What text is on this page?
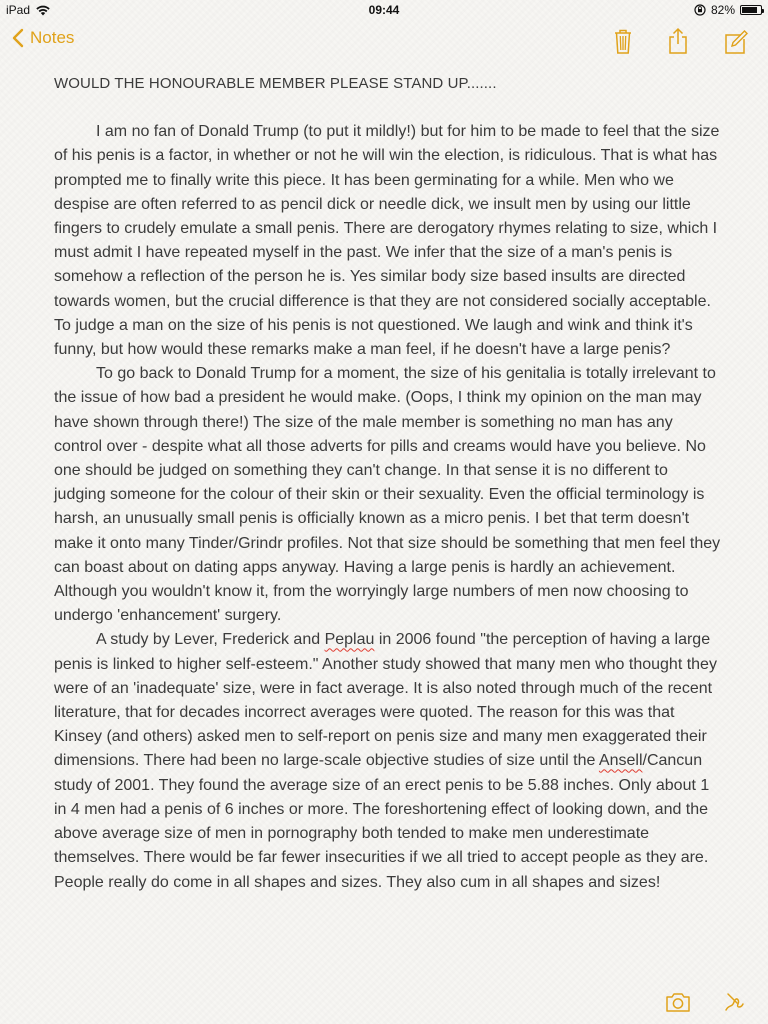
iPad	09:44	82%
Notes

WOULD THE HONOURABLE MEMBER PLEASE STAND UP.......

I am no fan of Donald Trump (to put it mildly!) but for him to be made to feel that the size of his penis is a factor, in whether or not he will win the election, is ridiculous. That is what has prompted me to finally write this piece. It has been germinating for a while. Men who we despise are often referred to as pencil dick or needle dick, we insult men by using our little fingers to crudely emulate a small penis. There are derogatory rhymes relating to size, which I must admit I have repeated myself in the past. We infer that the size of a man's penis is somehow a reflection of the person he is. Yes similar body size based insults are directed towards women, but the crucial difference is that they are not considered socially acceptable. To judge a man on the size of his penis is not questioned. We laugh and wink and think it's funny, but how would these remarks make a man feel, if he doesn't have a large penis?

To go back to Donald Trump for a moment, the size of his genitalia is totally irrelevant to the issue of how bad a president he would make. (Oops, I think my opinion on the man may have shown through there!) The size of the male member is something no man has any control over - despite what all those adverts for pills and creams would have you believe. No one should be judged on something they can't change. In that sense it is no different to judging someone for the colour of their skin or their sexuality. Even the official terminology is harsh, an unusually small penis is officially known as a micro penis. I bet that term doesn't make it onto many Tinder/Grindr profiles. Not that size should be something that men feel they can boast about on dating apps anyway. Having a large penis is hardly an achievement. Although you wouldn't know it, from the worryingly large numbers of men now choosing to undergo 'enhancement' surgery.

A study by Lever, Frederick and Peplau in 2006 found "the perception of having a large penis is linked to higher self-esteem." Another study showed that many men who thought they were of an 'inadequate' size, were in fact average. It is also noted through much of the recent literature, that for decades incorrect averages were quoted. The reason for this was that Kinsey (and others) asked men to self-report on penis size and many men exaggerated their dimensions. There had been no large-scale objective studies of size until the Ansell/Cancun study of 2001. They found the average size of an erect penis to be 5.88 inches. Only about 1 in 4 men had a penis of 6 inches or more. The foreshortening effect of looking down, and the above average size of men in pornography both tended to make men underestimate themselves. There would be far fewer insecurities if we all tried to accept people as they are. People really do come in all shapes and sizes. They also cum in all shapes and sizes!
